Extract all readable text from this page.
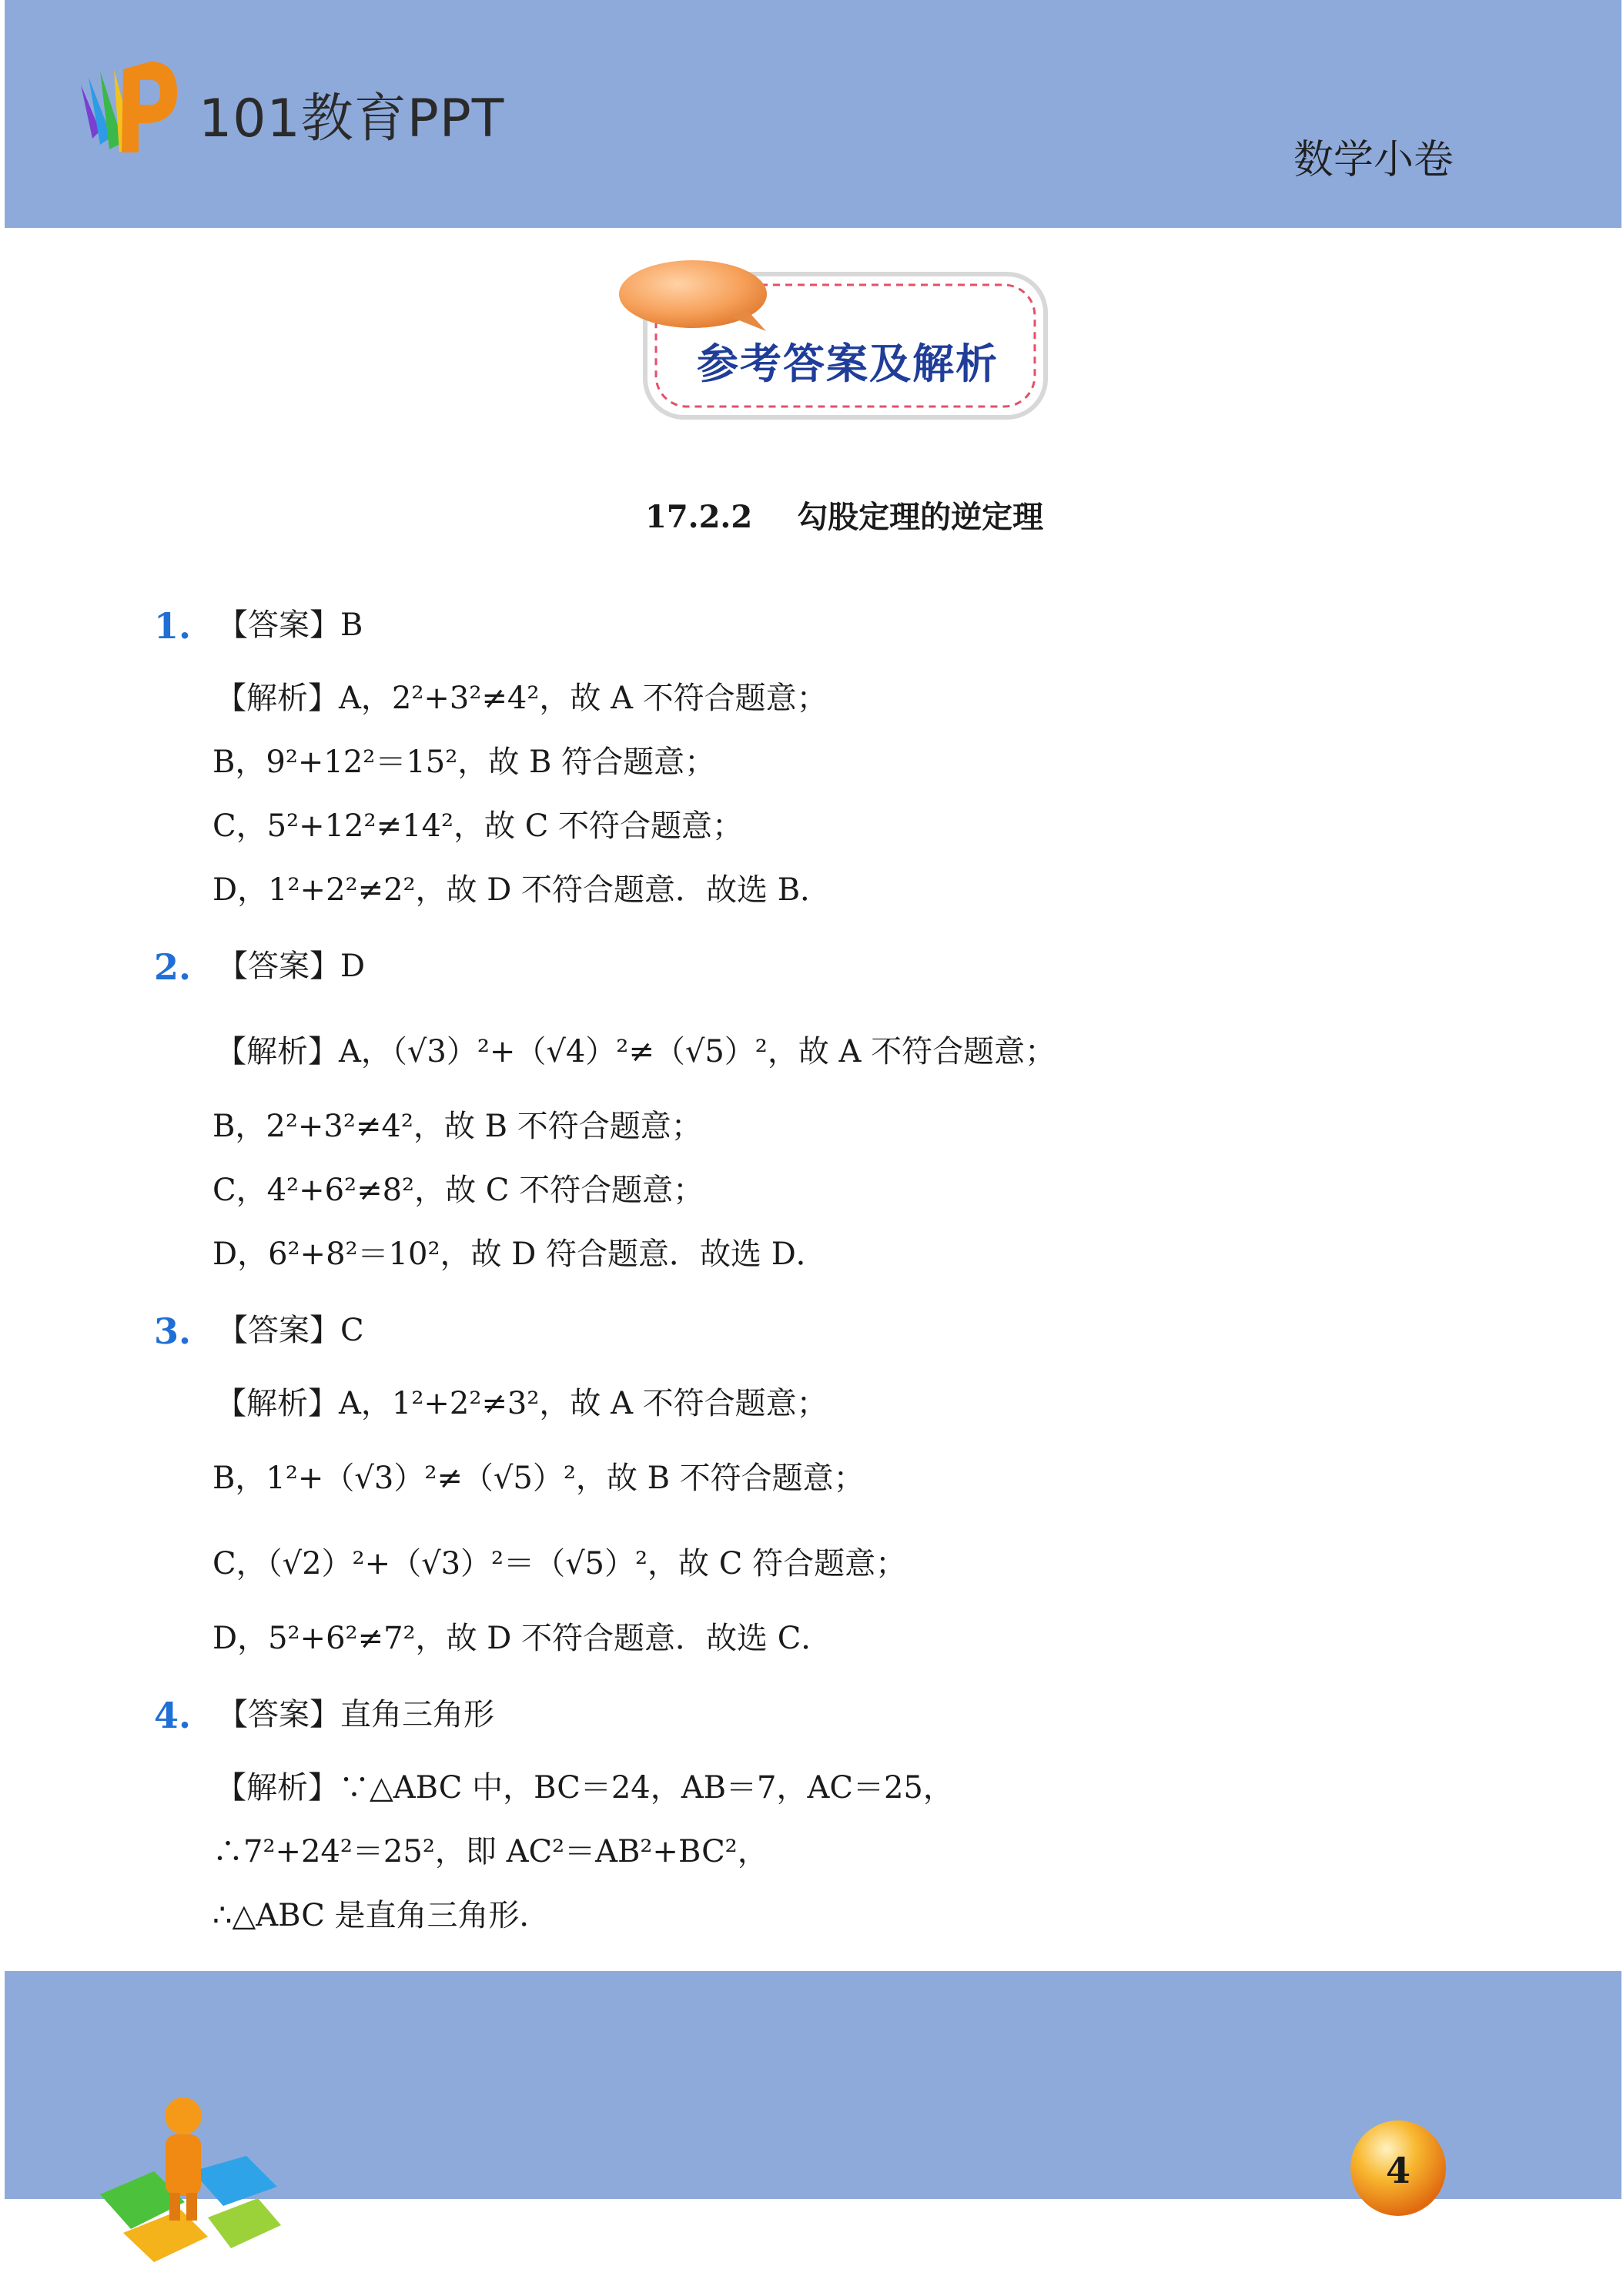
101教育PPT
数学小卷
参考答案及解析
17.2.2 勾股定理的逆定理
1. 【答案】B
【解析】A，2²+3²≠4²，故 A 不符合题意；
B，9²+12²＝15²，故 B 符合题意；
C，5²+12²≠14²，故 C 不符合题意；
D，1²+2²≠2²，故 D 不符合题意．故选 B．
2. 【答案】D
【解析】A，（√3）²+（√4）²≠（√5）²，故 A 不符合题意；
B，2²+3²≠4²，故 B 不符合题意；
C，4²+6²≠8²，故 C 不符合题意；
D，6²+8²＝10²，故 D 符合题意．故选 D．
3. 【答案】C
【解析】A，1²+2²≠3²，故 A 不符合题意；
B，1²+（√3）²≠（√5）²，故 B 不符合题意；
C，（√2）²+（√3）²＝（√5）²，故 C 符合题意；
D，5²+6²≠7²，故 D 不符合题意．故选 C．
4. 【答案】直角三角形
【解析】∵△ABC 中，BC＝24，AB＝7，AC＝25，
∴7²+24²＝25²，即 AC²＝AB²+BC²，
∴△ABC 是直角三角形．
4
